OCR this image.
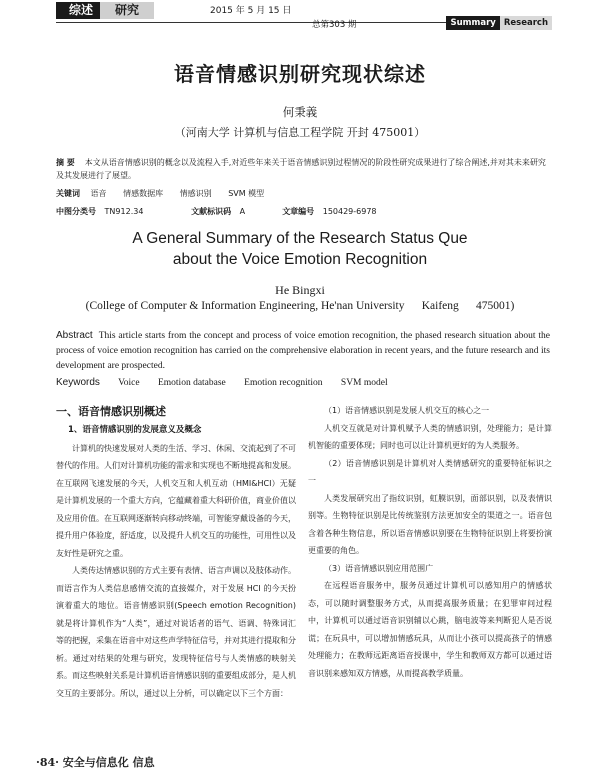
综述	研究	2015 年 5 月 15 日
总第303 期	Summary Research
语音情感识别研究现状综述
何秉義
（河南大学 计算机与信息工程学院 开封 475001）
摘 要 本文从语音情感识别的概念以及流程入手,对近些年来关于语音情感识别过程情况的阶段性研究成果进行了综合阐述,并对其未来研究及其发展进行了展望。
关键词 语音 情感数据库 情感识别 SVM 模型
中图分类号 TN912.34	文献标识码 A	文章编号 150429-6978
A General Summary of the Research Status Que about the Voice Emotion Recognition
He Bingxi
(College of Computer & Information Engineering, He'nan University      Kaifeng      475001)
Abstract This article starts from the concept and process of voice emotion recognition, the phased research situation about the process of voice emotion recognition has carried on the comprehensive elaboration in recent years, and the future research and its development are prospected.
Keywords Voice Emotion database Emotion recognition SVM model
一、语音情感识别概述
1、语音情感识别的发展意义及概念

计算机的快速发展对人类的生活、学习、休闲、交流起到了不可替代的作用。人们对计算机功能的需求和实现也不断地提高和发展。在互联网飞速发展的今天，人机交互和人机互动（HMI&HCI）无疑是计算机发展的一个重大方向，它蕴藏着重大科研价值，商业价值以及应用价值。在互联网逐渐转向移动终端，可智能穿戴设备的今天，提升用户体验度，舒适度，以及提升人机交互的功能性，可用性以及友好性是研究之重。

人类传达情感识别的方式主要有表情、语言声调以及肢体动作。而语言作为人类信息感情交流的直接媒介，对于发展 HCI 的今天扮演着重大的地位。语音情感识别(Speech emotion Recognition)就是将计算机作为“人类”，通过对说话者的语气、语调、特殊词汇等的把握，采集在语音中对这些声学特征信号，并对其进行提取和分析。通过对结果的处理与研究，发现特征信号与人类情感的映射关系。而这些映射关系是计算机语音情感识别的重要组成部分，是人机交互的主要部分。所以，通过以上分析，可以确定以下三个方面：

（1）语音情感识别是发展人机交互的核心之一

人机交互就是对计算机赋予人类的情感识别，处理能力；是计算机智能的重要体现；同时也可以让计算机更好的为人类服务。

（2）语音情感识别是计算机对人类情感研究的重要特征标识之一

人类发展研究出了指纹识别，虹膜识别，面部识别，以及表情识别等。生物特征识别是比传统鉴别方法更加安全的渠道之一。语音包含着各种生物信息，所以语音情感识别要在生物特征识别上将要扮演更重要的角色。

（3）语音情感识别应用范围广

在远程语音服务中，服务员通过计算机可以感知用户的情感状态，可以随时调整服务方式，从而提高服务质量；在犯罪审问过程中，计算机可以通过语音识别辅以心跳，脑电波等来判断犯人是否说谎；在玩具中，可以增加情感玩具，从而让小孩可以提高孩子的情感处理能力；在教师远距离语音授课中，学生和教师双方都可以通过语音识别来感知双方情感，从而提高教学质量。

·84· 安全与信息化 信息
